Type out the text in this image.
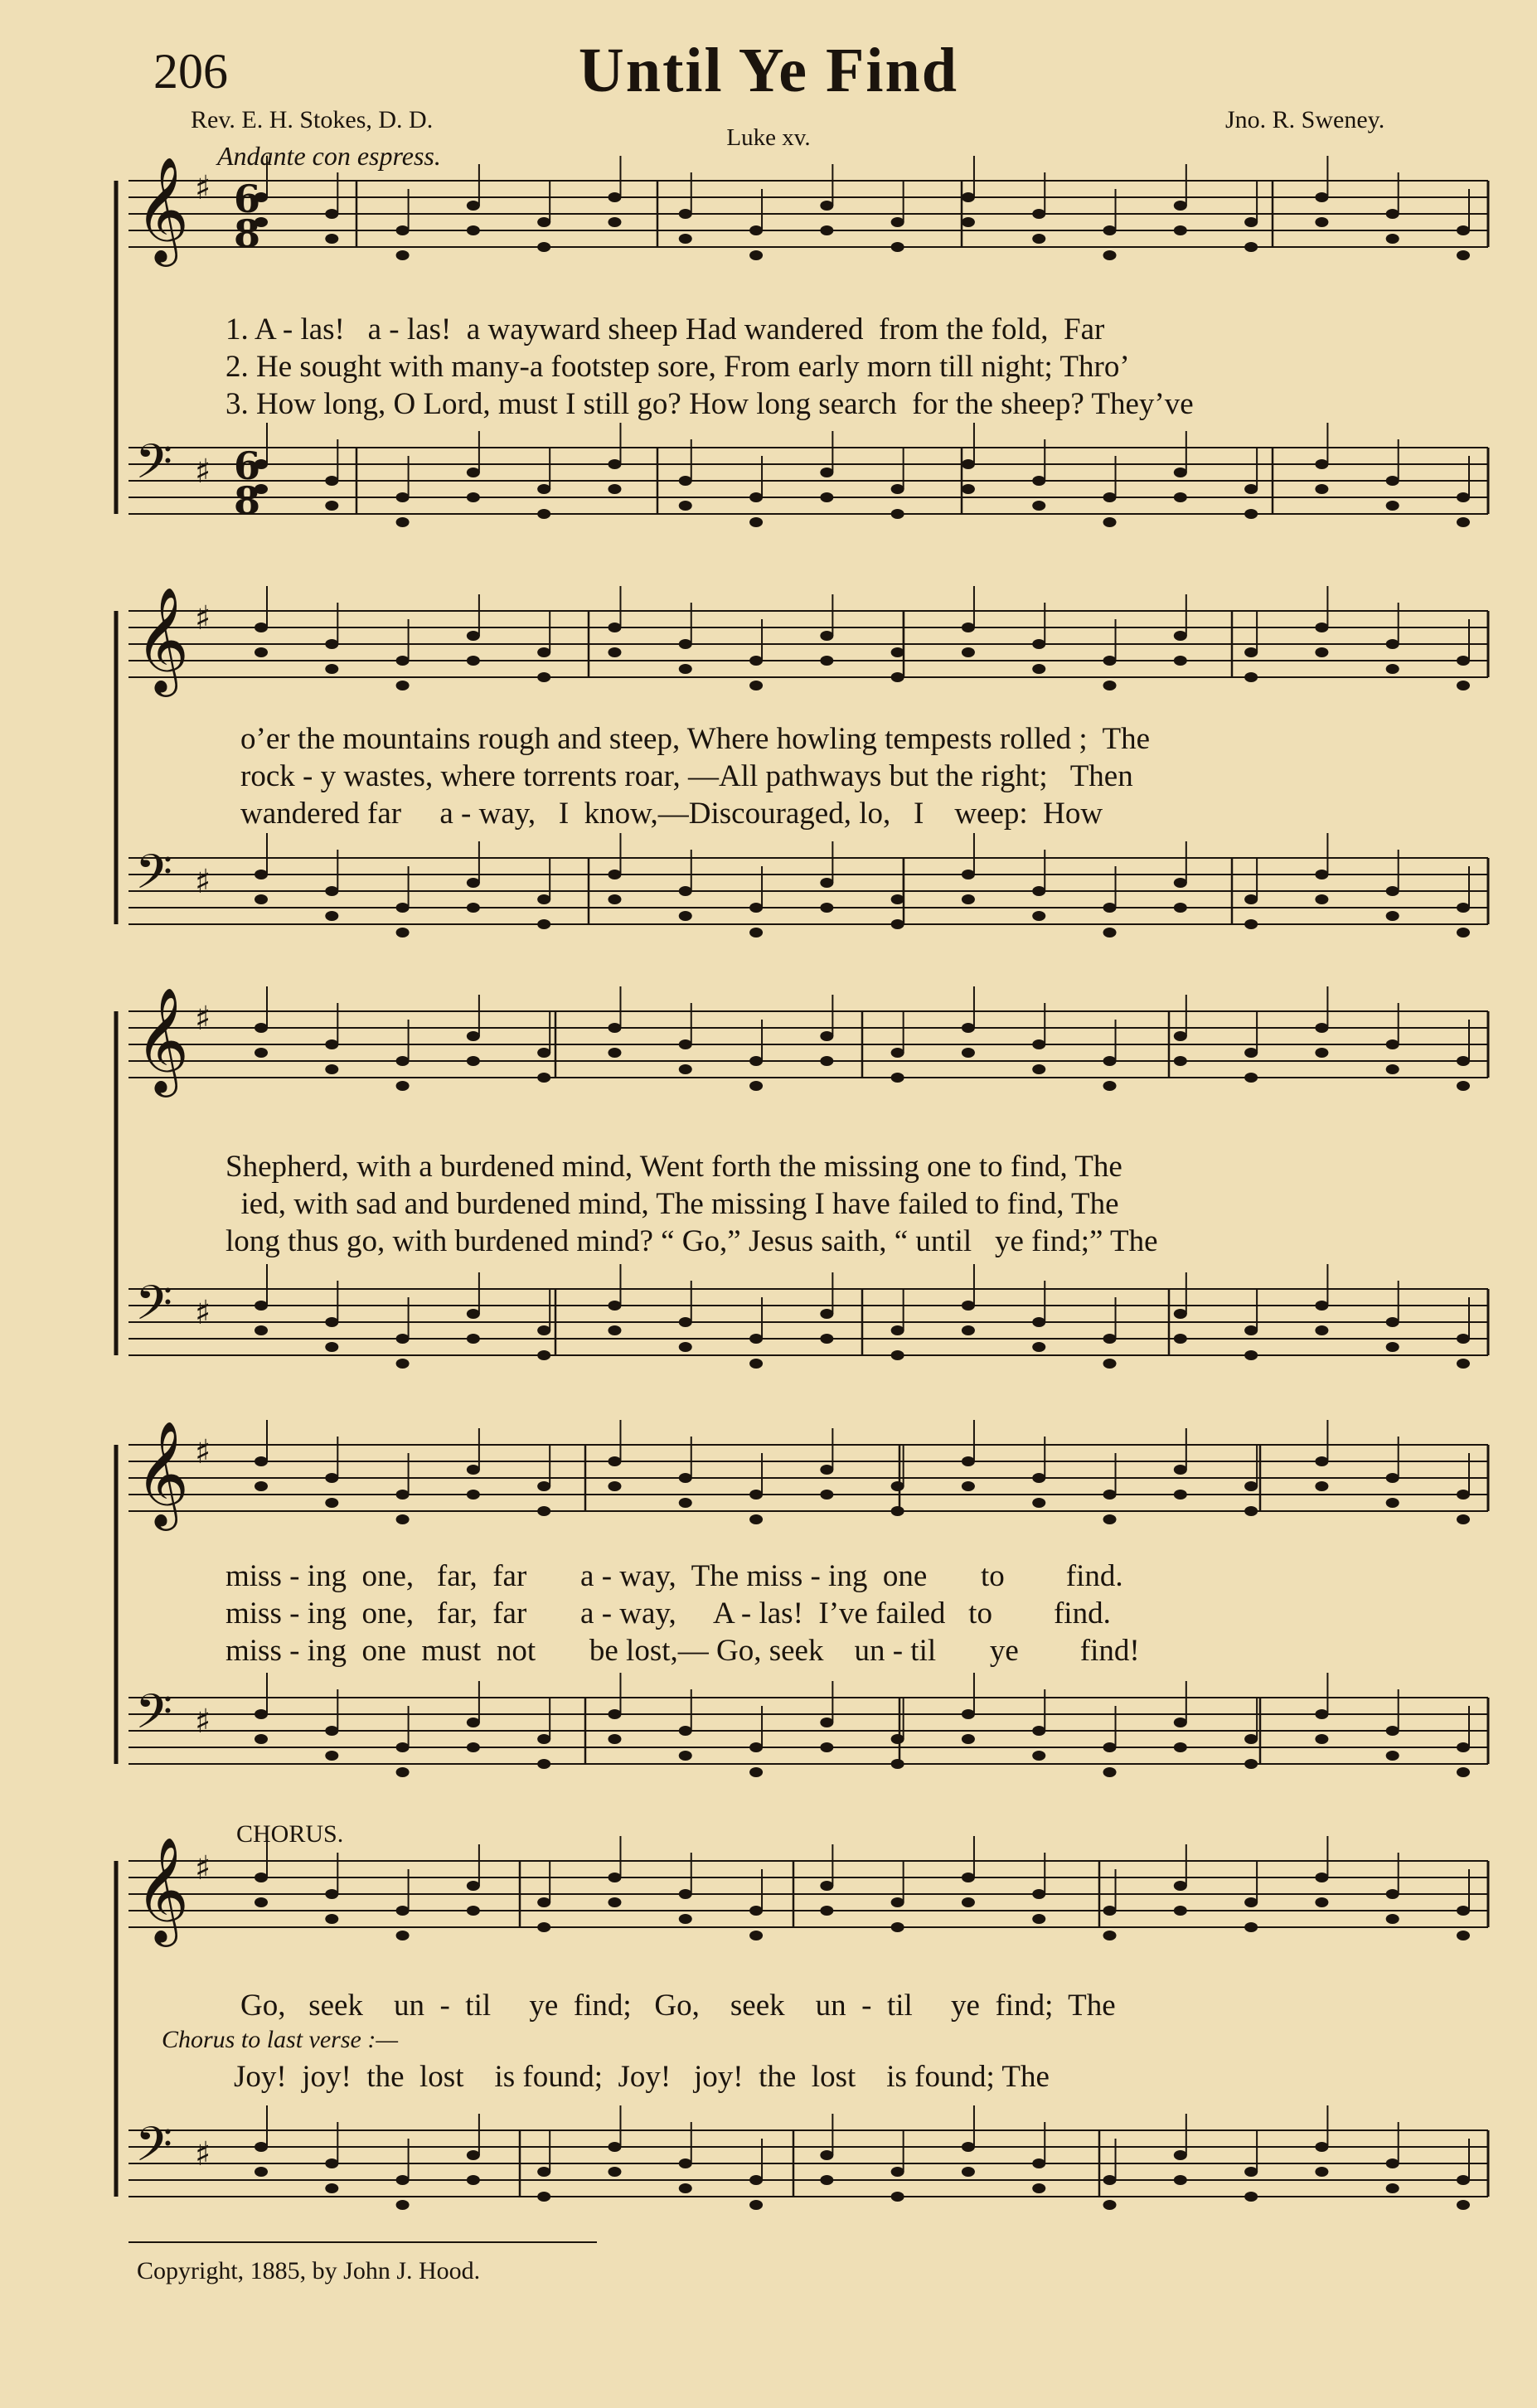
𝄞 ♯
𝄢 ♯
6
6
8
8
𝄞 ♯
𝄢 ♯
𝄞 ♯
𝄢 ♯
𝄞 ♯
𝄢 ♯
𝄞 ♯
𝄢 ♯
206	Until Ye Find
Rev. E. H. Stokes, D. D.	Jno. R. Sweney.
Luke xv.
Andante con espress.
1. A - las!   a - las!  a wayward sheep Had wandered  from the fold,  Far
2. He sought with many-a footstep sore, From early morn till night; Thro’
3. How long, O Lord, must I still go? How long search  for the sheep? They’ve
o’er the mountains rough and steep, Where howling tempests rolled ;  The
rock - y wastes, where torrents roar, —All pathways but the right;   Then
wandered far     a - way,   I  know,—Discouraged, lo,   I    weep:  How
Shepherd, with a burdened mind, Went forth the missing one to find, The
ied, with sad and burdened mind, The missing I have failed to find, The
long thus go, with burdened mind? “ Go,” Jesus saith, “ until   ye find;” The
miss - ing  one,   far,  far       a - way,  The miss - ing  one       to        find.
miss - ing  one,   far,  far       a - way,     A - las!  I’ve failed   to        find.
miss - ing  one  must  not       be lost,— Go, seek    un - til       ye        find!
CHORUS.
Go,   seek    un  -  til     ye  find;   Go,    seek    un  -  til     ye  find;  The
Chorus to last verse :—
Joy!  joy!  the  lost    is found;  Joy!   joy!  the  lost    is found; The
Copyright, 1885, by John J. Hood.
